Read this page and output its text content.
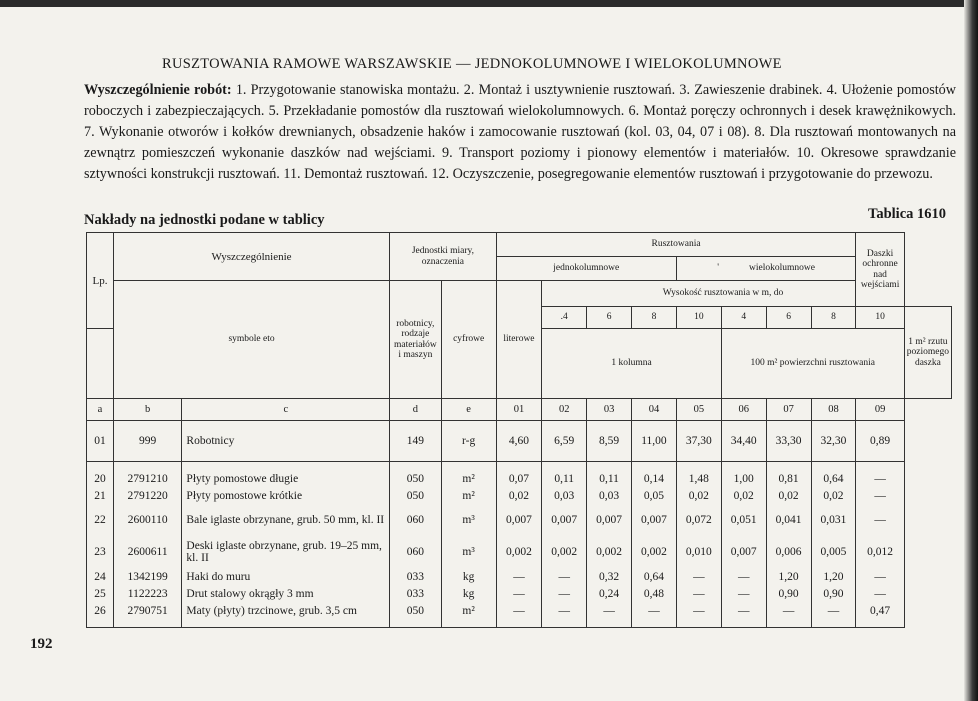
RUSZTOWANIA RAMOWE WARSZAWSKIE — JEDNOKOLUMNOWE I WIELOKOLUMNOWE
Wyszczególnienie robót: 1. Przygotowanie stanowiska montażu. 2. Montaż i usztywnienie rusztowań. 3. Zawieszenie drabinek. 4. Ułożenie pomostów roboczych i zabezpieczających. 5. Przekładanie pomostów dla rusztowań wielokolumnowych. 6. Montaż poręczy ochronnych i desek krawężnikowych. 7. Wykonanie otworów i kołków drewnianych, obsadzenie haków i zamocowanie rusztowań (kol. 03, 04, 07 i 08). 8. Dla rusztowań montowanych na zewnątrz pomieszczeń wykonanie daszków nad wejściami. 9. Transport poziomy i pionowy elementów i materiałów. 10. Okresowe sprawdzanie sztywności konstrukcji rusztowań. 11. Demontaż rusztowań. 12. Oczyszczenie, posegregowanie elementów rusztowań i przygotowanie do przewozu.
Nakłady na jednostki podane w tablicy	Tablica 1610
Lp.	Wyszczególnienie		Jednostki miary, oznaczenia		Rusztowania								Daszki ochronne nad wejściami	
					jednokolumnowe				' wielokolumnowe					
	symbole eto		robotnicy, rodzaje materiałów i maszyn	cyfrowe	literowe	Wysokość rusztowania w m, do								
						.4	6	8	10	4	6	8	10	1 m² rzutu poziomego daszka
						1 kolumna				100 m² powierzchni rusztowania				
a	b	c	d	e	01	02	03	04	05	06	07	08	09	

01	999	Robotnicy	149	r-g	4,60	6,59	8,59	11,00	37,30	34,40	33,30	32,30	0,89	

20	2791210	Płyty pomostowe długie	050	m²	0,07	0,11	0,11	0,14	1,48	1,00	0,81	0,64	—	
21	2791220	Płyty pomostowe krótkie	050	m²	0,02	0,03	0,03	0,05	0,02	0,02	0,02	0,02	—	
22	2600110	Bale iglaste obrzynane, grub. 50 mm, kl. II	060	m³	0,007	0,007	0,007	0,007	0,072	0,051	0,041	0,031	—	
23	2600611	Deski iglaste obrzynane, grub. 19–25 mm, kl. II	060	m³	0,002	0,002	0,002	0,002	0,010	0,007	0,006	0,005	0,012	
24	1342199	Haki do muru	033	kg	—	—	0,32	0,64	—	—	1,20	1,20	—	
25	1122223	Drut stalowy okrągły 3 mm	033	kg	—	—	0,24	0,48	—	—	0,90	0,90	—	
26	2790751	Maty (płyty) trzcinowe, grub. 3,5 cm	050	m²	—	—	—	—	—	—	—	—	0,47	

192
